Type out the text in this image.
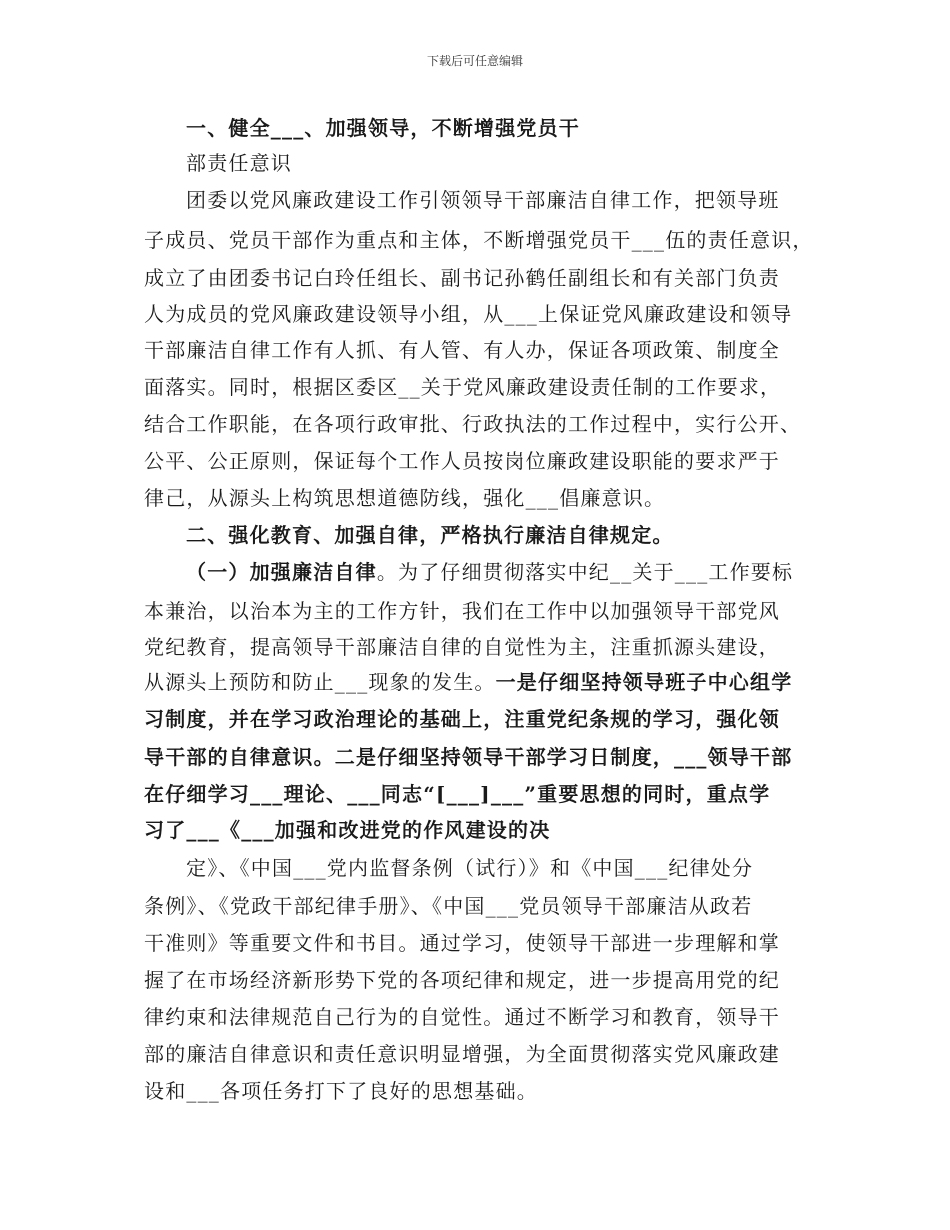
下载后可任意编辑
一、健全___、加强领导，不断增强党员干
部责任意识
团委以党风廉政建设工作引领领导干部廉洁自律工作，把领导班
子成员、党员干部作为重点和主体，不断增强党员干___伍的责任意识，
成立了由团委书记白玲任组长、副书记孙鹤任副组长和有关部门负责
人为成员的党风廉政建设领导小组，从___上保证党风廉政建设和领导
干部廉洁自律工作有人抓、有人管、有人办，保证各项政策、制度全
面落实。同时，根据区委区__关于党风廉政建设责任制的工作要求，
结合工作职能，在各项行政审批、行政执法的工作过程中，实行公开、
公平、公正原则，保证每个工作人员按岗位廉政建设职能的要求严于
律己，从源头上构筑思想道德防线，强化___倡廉意识。
二、强化教育、加强自律，严格执行廉洁自律规定。
（一）加强廉洁自律。为了仔细贯彻落实中纪__关于___工作要标
本兼治，以治本为主的工作方针，我们在工作中以加强领导干部党风
党纪教育，提高领导干部廉洁自律的自觉性为主，注重抓源头建设，
从源头上预防和防止___现象的发生。一是仔细坚持领导班子中心组学
习制度，并在学习政治理论的基础上，注重党纪条规的学习，强化领
导干部的自律意识。二是仔细坚持领导干部学习日制度，___领导干部
在仔细学习___理论、___同志“[___]___”重要思想的同时，重点学
习了___《___加强和改进党的作风建设的决
定》、《中国___党内监督条例（试行）》和《中国___纪律处分
条例》、《党政干部纪律手册》、《中国___党员领导干部廉洁从政若
干准则》等重要文件和书目。通过学习，使领导干部进一步理解和掌
握了在市场经济新形势下党的各项纪律和规定，进一步提高用党的纪
律约束和法律规范自己行为的自觉性。通过不断学习和教育，领导干
部的廉洁自律意识和责任意识明显增强，为全面贯彻落实党风廉政建
设和___各项任务打下了良好的思想基础。
